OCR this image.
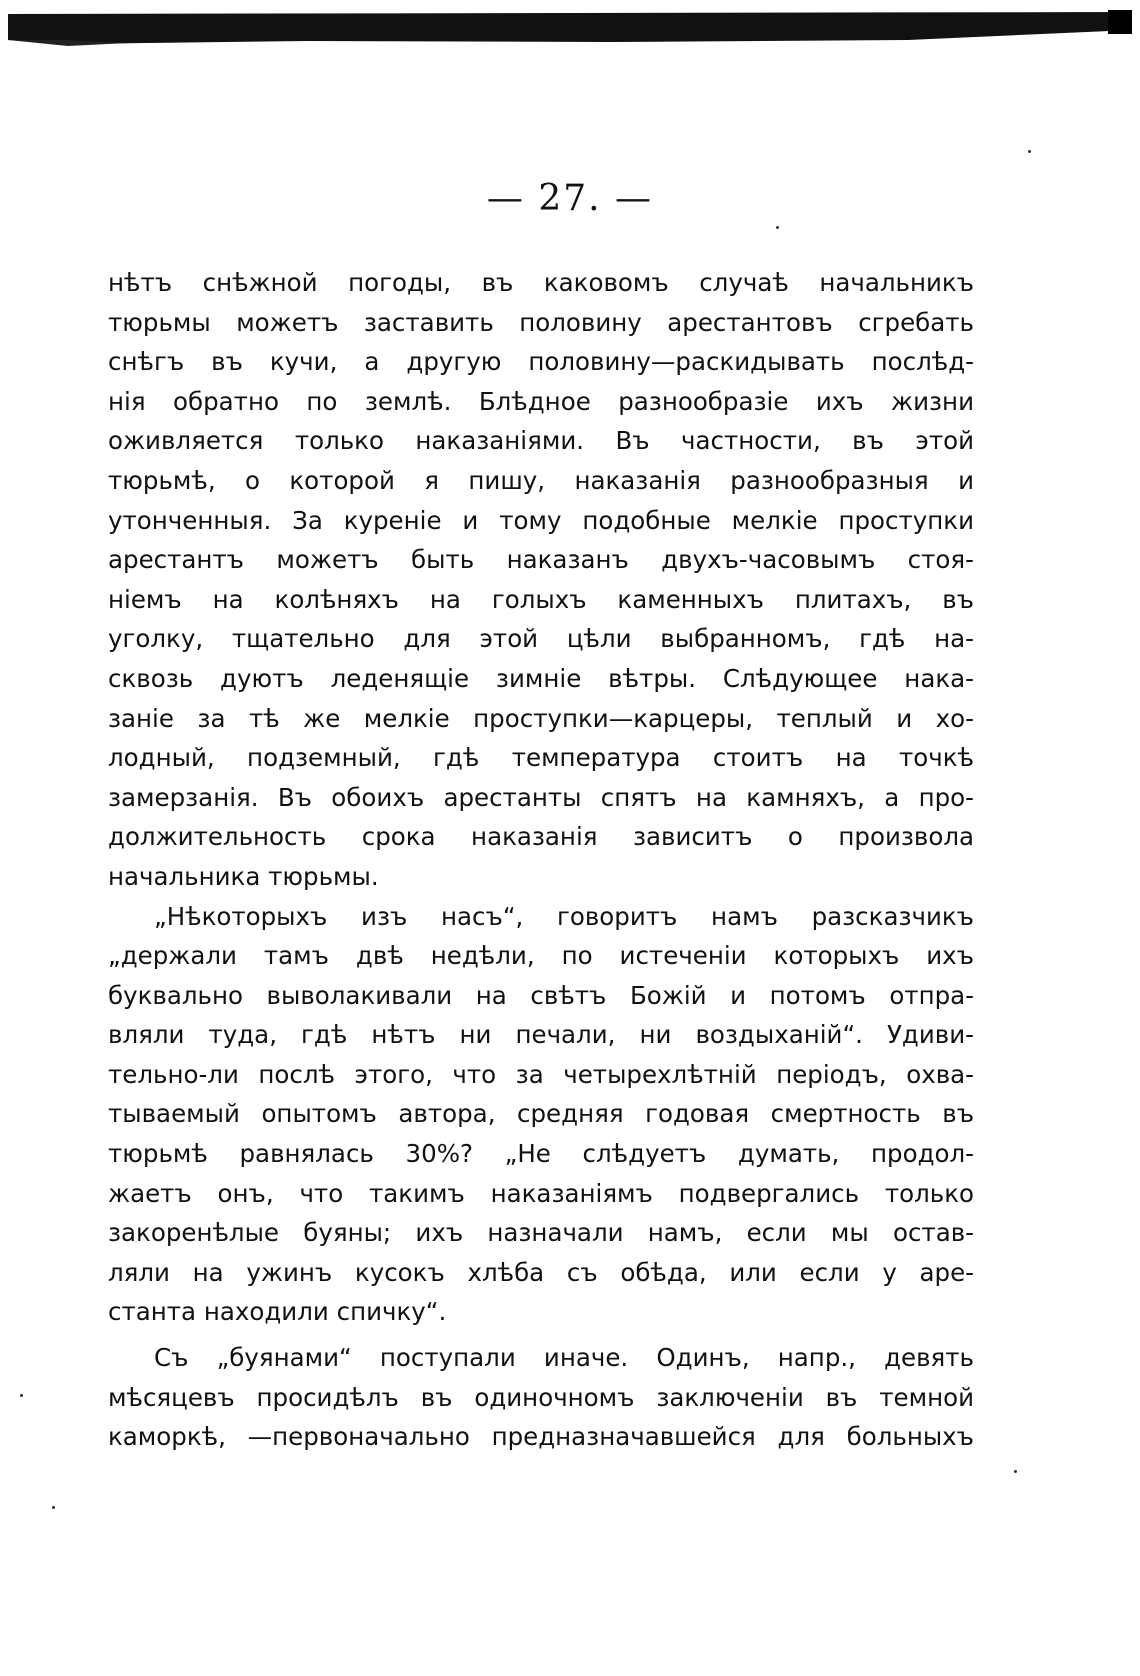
— 27. —
нѣтъ снѣжной погоды, въ каковомъ случаѣ начальникъ
тюрьмы можетъ заставить половину арестантовъ сгребать
снѣгъ въ кучи, а другую половину—раскидывать послѣд-
нія обратно по землѣ. Блѣдное разнообразіе ихъ жизни
оживляется только наказаніями. Въ частности, въ этой
тюрьмѣ, о которой я пишу, наказанія разнообразныя и
утонченныя. За куреніе и тому подобные мелкіе проступки
арестантъ можетъ быть наказанъ двухъ-часовымъ стоя-
ніемъ на колѣняхъ на голыхъ каменныхъ плитахъ, въ
уголку, тщательно для этой цѣли выбранномъ, гдѣ на-
сквозь дуютъ леденящіе зимніе вѣтры. Слѣдующее нака-
заніе за тѣ же мелкіе проступки—карцеры, теплый и хо-
лодный, подземный, гдѣ температура стоитъ на точкѣ
замерзанія. Въ обоихъ арестанты спятъ на камняхъ, а про-
должительность срока наказанія зависитъ о произвола
начальника тюрьмы.
„Нѣкоторыхъ изъ насъ“, говоритъ намъ разсказчикъ
„держали тамъ двѣ недѣли, по истеченіи которыхъ ихъ
буквально выволакивали на свѣтъ Божій и потомъ отпра-
вляли туда, гдѣ нѣтъ ни печали, ни воздыханій“. Удиви-
тельно-ли послѣ этого, что за четырехлѣтній періодъ, охва-
тываемый опытомъ автора, средняя годовая смертность въ
тюрьмѣ равнялась 30%? „Не слѣдуетъ думать, продол-
жаетъ онъ, что такимъ наказаніямъ подвергались только
закоренѣлые буяны; ихъ назначали намъ, если мы остав-
ляли на ужинъ кусокъ хлѣба съ обѣда, или если у аре-
станта находили спичку“.
Съ „буянами“ поступали иначе. Одинъ, напр., девять
мѣсяцевъ просидѣлъ въ одиночномъ заключеніи въ темной
каморкѣ, —первоначально предназначавшейся для больныхъ
